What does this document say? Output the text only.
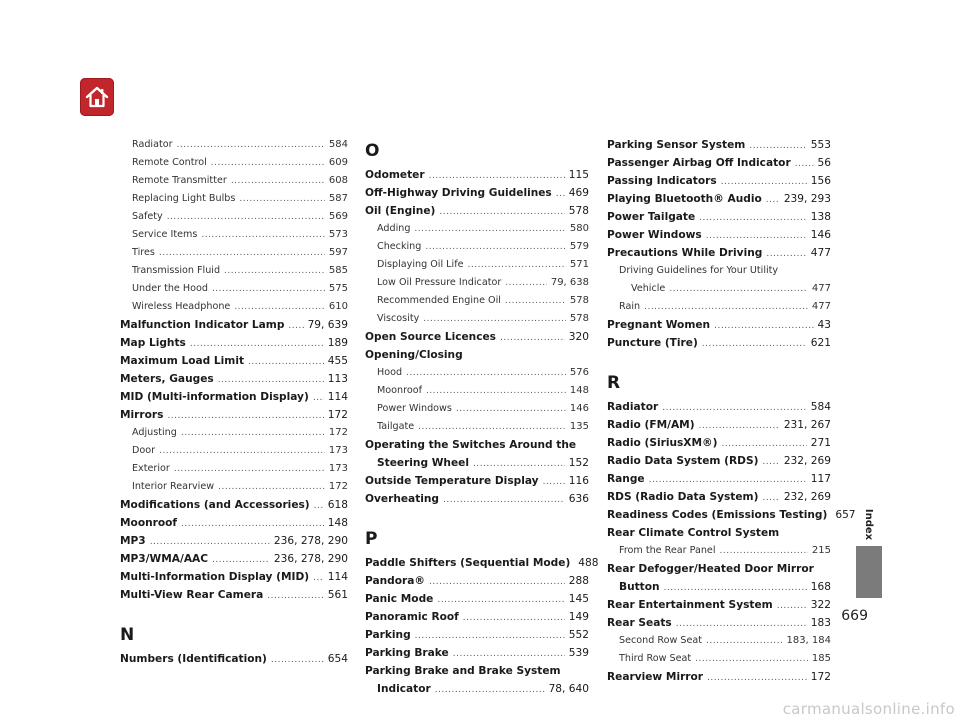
Radiator .....	584
Remote Control .....	609
Remote Transmitter .....	608
Replacing Light Bulbs .....	587
Safety .....	569
Service Items .....	573
Tires .....	597
Transmission Fluid .....	585
Under the Hood .....	575
Wireless Headphone .....	610
Malfunction Indicator Lamp ..... 79, 639
Map Lights .....	189
Maximum Load Limit .....	455
Meters, Gauges .....	113
MID (Multi-information Display) ..... 114
Mirrors .....	172
Adjusting .....	172
Door .....	173
Exterior .....	173
Interior Rearview .....	172
Modifications (and Accessories) ..... 618
Moonroof .....	148
MP3 .....	236, 278, 290
MP3/WMA/AAC .....	236, 278, 290
Multi-Information Display (MID) ..... 114
Multi-View Rear Camera .....	561
N
Numbers (Identification) .....	654
O
Odometer .....	115
Off-Highway Driving Guidelines ..... 469
Oil (Engine) .....	578
Adding .....	580
Checking .....	579
Displaying Oil Life .....	571
Low Oil Pressure Indicator .....	79, 638
Recommended Engine Oil .....	578
Viscosity .....	578
Open Source Licences .....	320
Opening/Closing
Hood .....	576
Moonroof .....	148
Power Windows .....	146
Tailgate .....	135
Operating the Switches Around the
Steering Wheel .....	152
Outside Temperature Display .....	116
Overheating .....	636
P
Paddle Shifters (Sequential Mode) 488
Pandora® .....	288
Panic Mode .....	145
Panoramic Roof .....	149
Parking .....	552
Parking Brake .....	539
Parking Brake and Brake System
Indicator .....	78, 640
Parking Sensor System .....	553
Passenger Airbag Off Indicator .....	56
Passing Indicators .....	156
Playing Bluetooth® Audio ..... 239, 293
Power Tailgate .....	138
Power Windows .....	146
Precautions While Driving .....	477
Driving Guidelines for Your Utility
Vehicle .....	477
Rain .....	477
Pregnant Women .....	43
Puncture (Tire) .....	621
R
Radiator .....	584
Radio (FM/AM) .....	231, 267
Radio (SiriusXM®) .....	271
Radio Data System (RDS) ..... 232, 269
Range .....	117
RDS (Radio Data System) ..... 232, 269
Readiness Codes (Emissions Testing) 657
Rear Climate Control System
From the Rear Panel .....	215
Rear Defogger/Heated Door Mirror
Button .....	168
Rear Entertainment System .....	322
Rear Seats .....	183
Second Row Seat .....	183, 184
Third Row Seat .....	185
Rearview Mirror .....	172
Index
669
carmanualsonline.info
